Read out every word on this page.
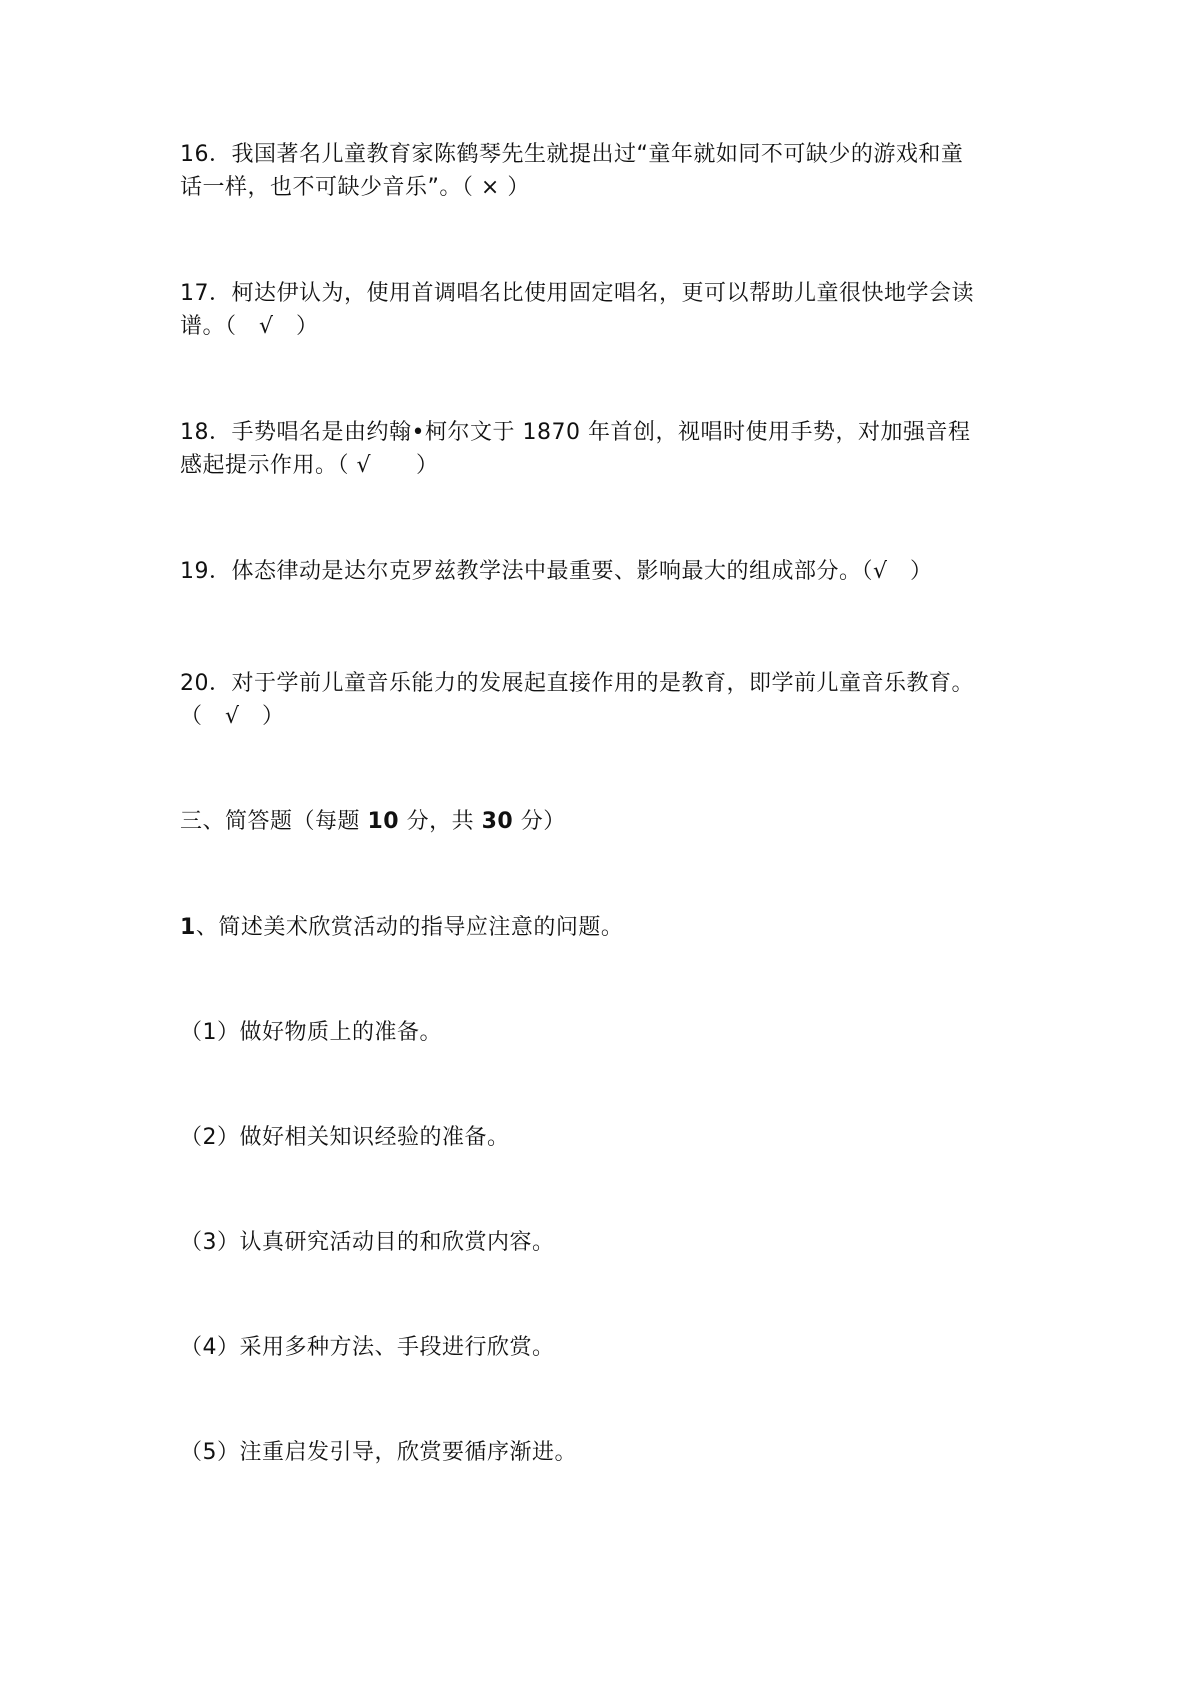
16．我国著名儿童教育家陈鹤琴先生就提出过“童年就如同不可缺少的游戏和童
话一样，也不可缺少音乐”。（ × ）
17．柯达伊认为，使用首调唱名比使用固定唱名，更可以帮助儿童很快地学会读
谱。（　√　）
18．手势唱名是由约翰•柯尔文于 1870 年首创，视唱时使用手势，对加强音程
感起提示作用。（ √　　）
19．体态律动是达尔克罗兹教学法中最重要、影响最大的组成部分。（√　）
20．对于学前儿童音乐能力的发展起直接作用的是教育，即学前儿童音乐教育。
（　√　）
三、简答题（每题 10 分，共 30 分）
1、简述美术欣赏活动的指导应注意的问题。
（1）做好物质上的准备。
（2）做好相关知识经验的准备。
（3）认真研究活动目的和欣赏内容。
（4）采用多种方法、手段进行欣赏。
（5）注重启发引导，欣赏要循序渐进。
